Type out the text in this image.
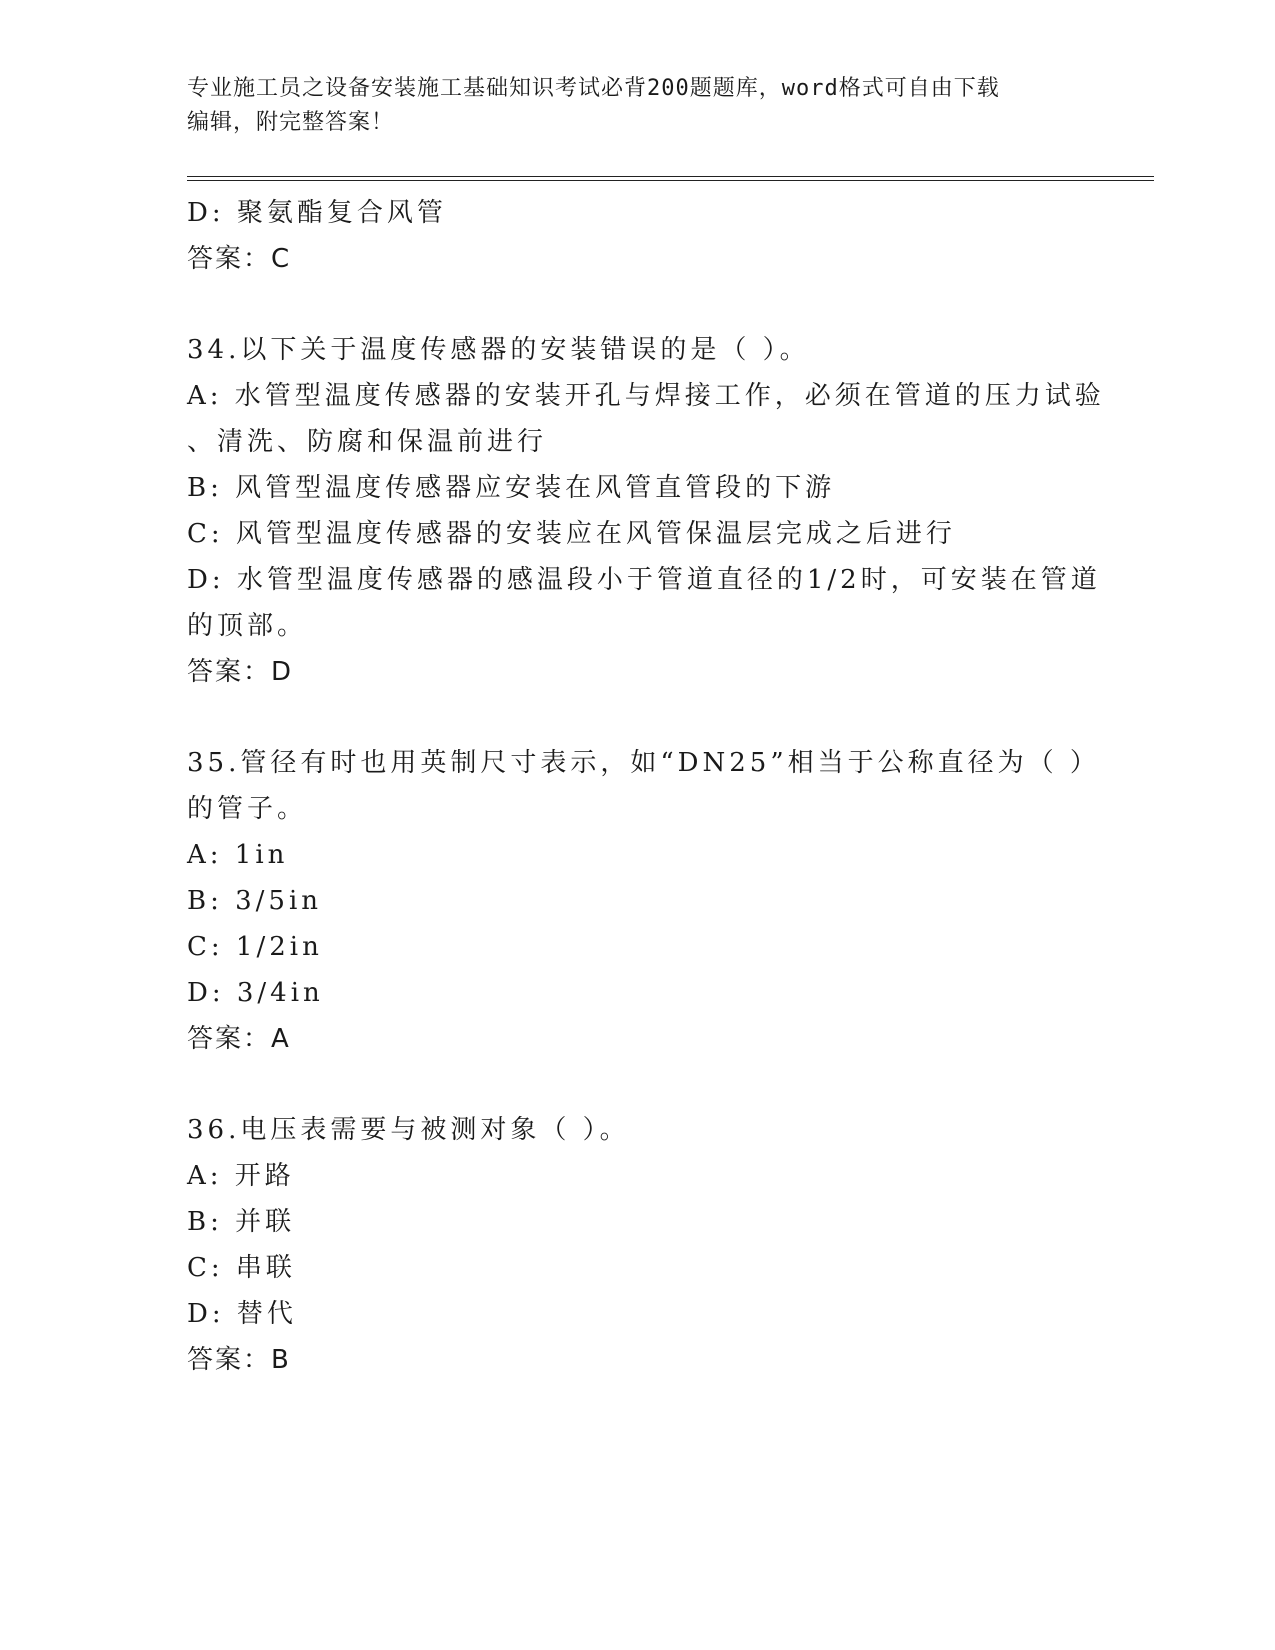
专业施工员之设备安装施工基础知识考试必背200题题库，word格式可自由下载
编辑，附完整答案！
D: 聚氨酯复合风管
答案：C
34.以下关于温度传感器的安装错误的是（ ）。
A: 水管型温度传感器的安装开孔与焊接工作，必须在管道的压力试验
、清洗、防腐和保温前进行
B: 风管型温度传感器应安装在风管直管段的下游
C: 风管型温度传感器的安装应在风管保温层完成之后进行
D: 水管型温度传感器的感温段小于管道直径的1/2时，可安装在管道
的顶部。
答案：D
35.管径有时也用英制尺寸表示，如“DN25”相当于公称直径为（ ）
的管子。
A: 1in
B: 3/5in
C: 1/2in
D: 3/4in
答案：A
36.电压表需要与被测对象（ ）。
A: 开路
B: 并联
C: 串联
D: 替代
答案：B
